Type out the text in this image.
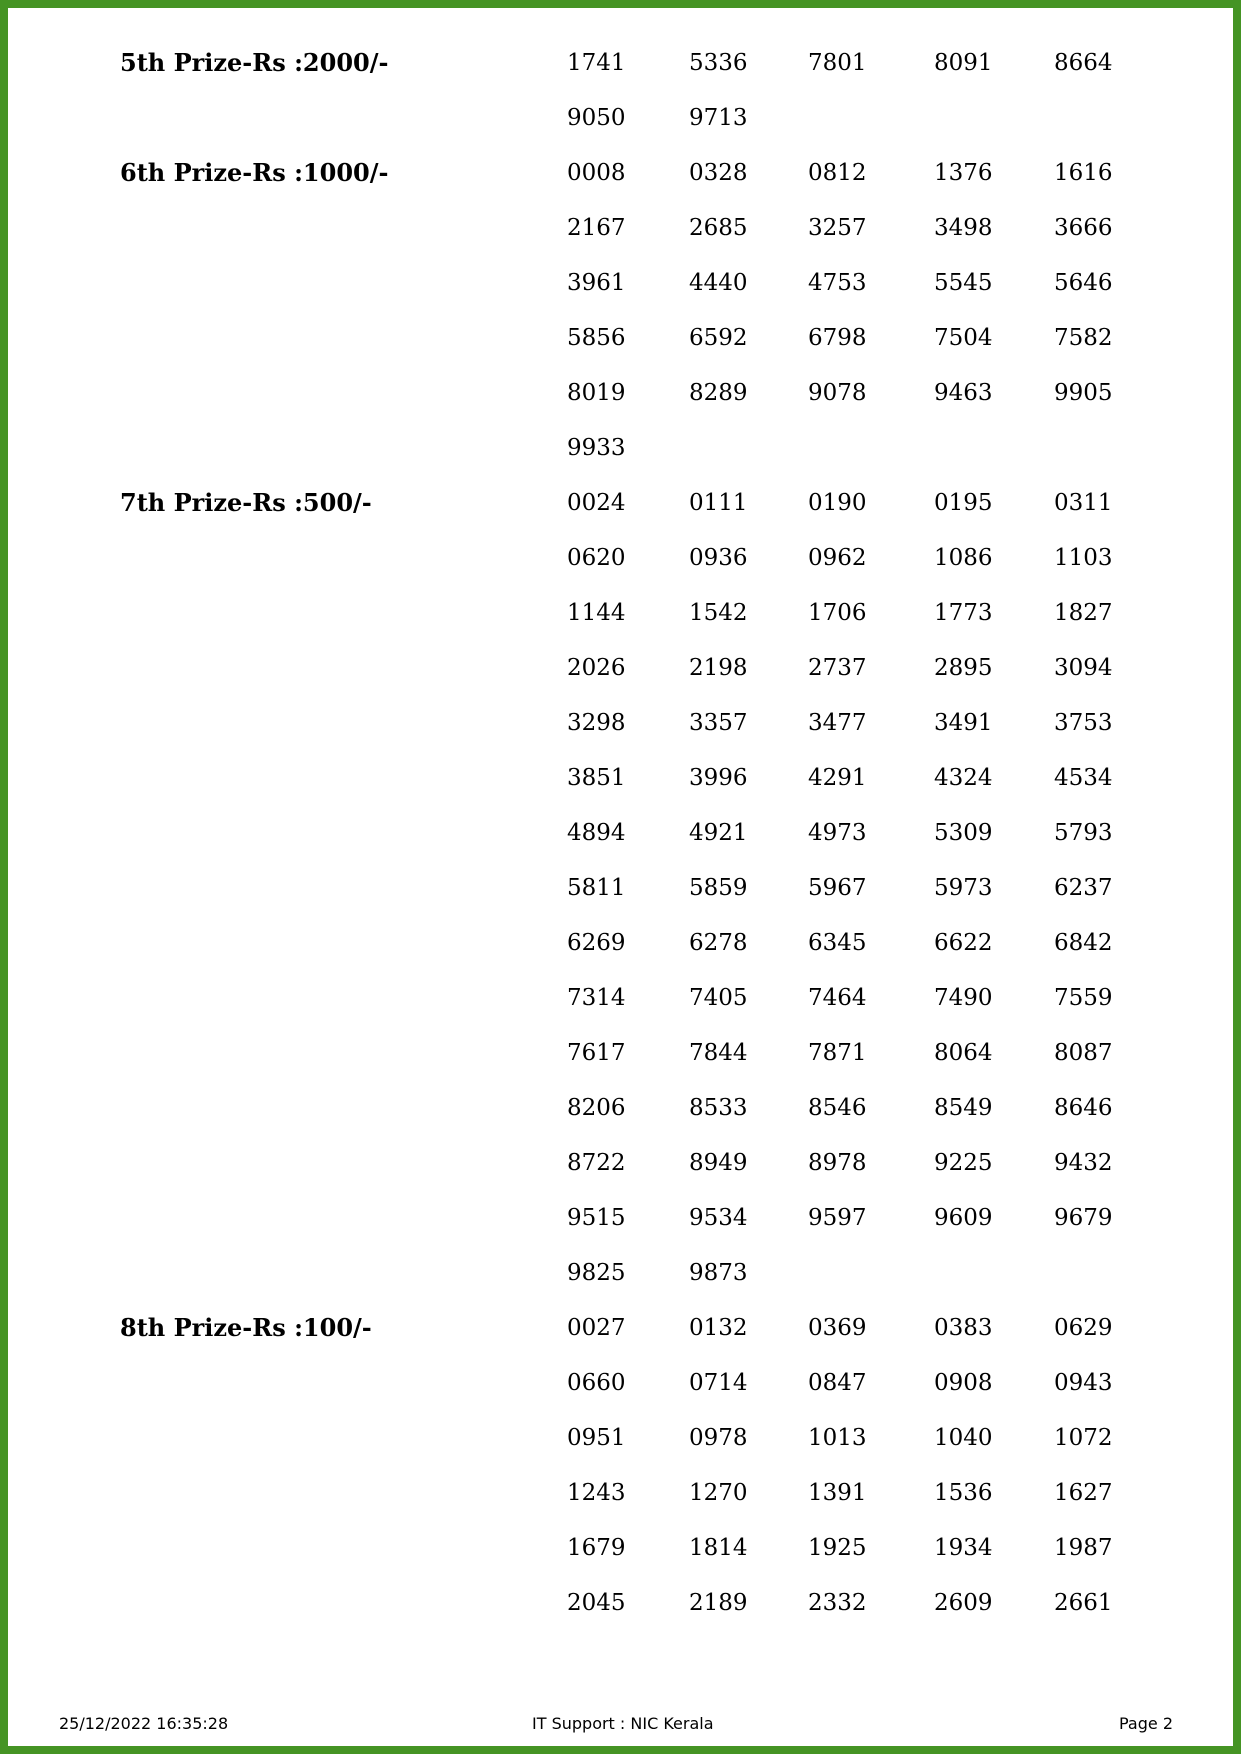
5th Prize-Rs :2000/-	1741	5336	7801	8091	8664
9050	9713
6th Prize-Rs :1000/-	0008	0328	0812	1376	1616
2167	2685	3257	3498	3666
3961	4440	4753	5545	5646
5856	6592	6798	7504	7582
8019	8289	9078	9463	9905
9933
7th Prize-Rs :500/-	0024	0111	0190	0195	0311
0620	0936	0962	1086	1103
1144	1542	1706	1773	1827
2026	2198	2737	2895	3094
3298	3357	3477	3491	3753
3851	3996	4291	4324	4534
4894	4921	4973	5309	5793
5811	5859	5967	5973	6237
6269	6278	6345	6622	6842
7314	7405	7464	7490	7559
7617	7844	7871	8064	8087
8206	8533	8546	8549	8646
8722	8949	8978	9225	9432
9515	9534	9597	9609	9679
9825	9873
8th Prize-Rs :100/-	0027	0132	0369	0383	0629
0660	0714	0847	0908	0943
0951	0978	1013	1040	1072
1243	1270	1391	1536	1627
1679	1814	1925	1934	1987
2045	2189	2332	2609	2661
25/12/2022 16:35:28	IT Support : NIC Kerala	Page 2
